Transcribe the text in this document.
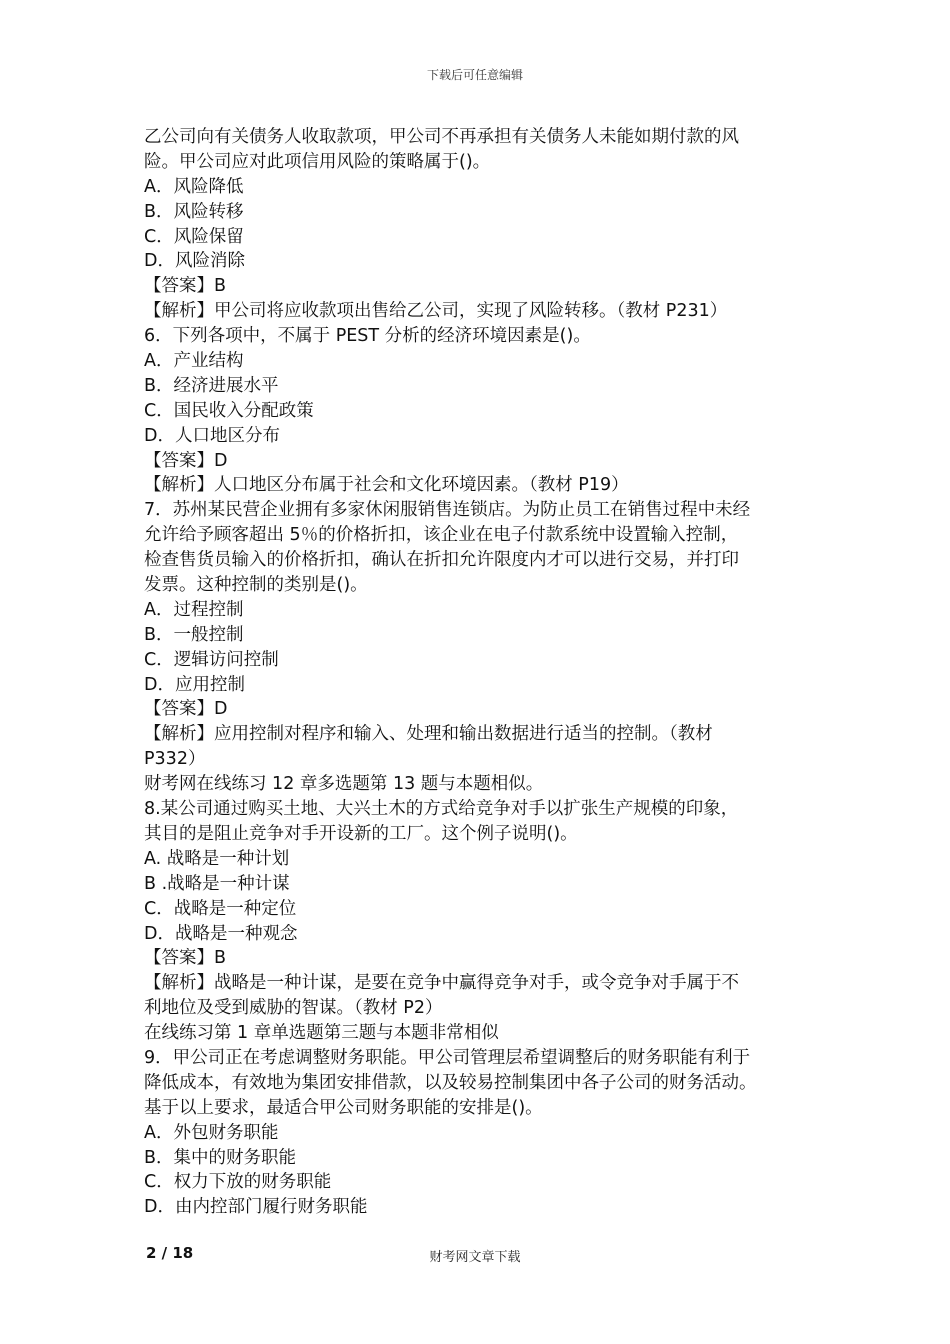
下载后可任意编辑
乙公司向有关债务人收取款项，甲公司不再承担有关债务人未能如期付款的风
险。甲公司应对此项信用风险的策略属于()。
A．风险降低
B．风险转移
C．风险保留
D．风险消除
【答案】B
【解析】甲公司将应收款项出售给乙公司，实现了风险转移。（教材 P231）
6．下列各项中，不属于 PEST 分析的经济环境因素是()。
A．产业结构
B．经济进展水平
C．国民收入分配政策
D．人口地区分布
【答案】D
【解析】人口地区分布属于社会和文化环境因素。（教材 P19）
7．苏州某民营企业拥有多家休闲服销售连锁店。为防止员工在销售过程中未经
允许给予顾客超出 5％的价格折扣，该企业在电子付款系统中设置输入控制，
检查售货员输入的价格折扣，确认在折扣允许限度内才可以进行交易，并打印
发票。这种控制的类别是()。
A．过程控制
B．一般控制
C．逻辑访问控制
D．应用控制
【答案】D
【解析】应用控制对程序和输入、处理和输出数据进行适当的控制。（教材
P332）
财考网在线练习 12 章多选题第 13 题与本题相似。
8.某公司通过购买土地、大兴土木的方式给竞争对手以扩张生产规模的印象，
其目的是阻止竞争对手开设新的工厂。这个例子说明()。
A. 战略是一种计划
B .战略是一种计谋
C．战略是一种定位
D．战略是一种观念
【答案】B
【解析】战略是一种计谋，是要在竞争中赢得竞争对手，或令竞争对手属于不
利地位及受到威胁的智谋。（教材 P2）
在线练习第 1 章单选题第三题与本题非常相似
9．甲公司正在考虑调整财务职能。甲公司管理层希望调整后的财务职能有利于
降低成本，有效地为集团安排借款，以及较易控制集团中各子公司的财务活动。
基于以上要求，最适合甲公司财务职能的安排是()。
A．外包财务职能
B．集中的财务职能
C．权力下放的财务职能
D．由内控部门履行财务职能
2 / 18	财考网文章下载
